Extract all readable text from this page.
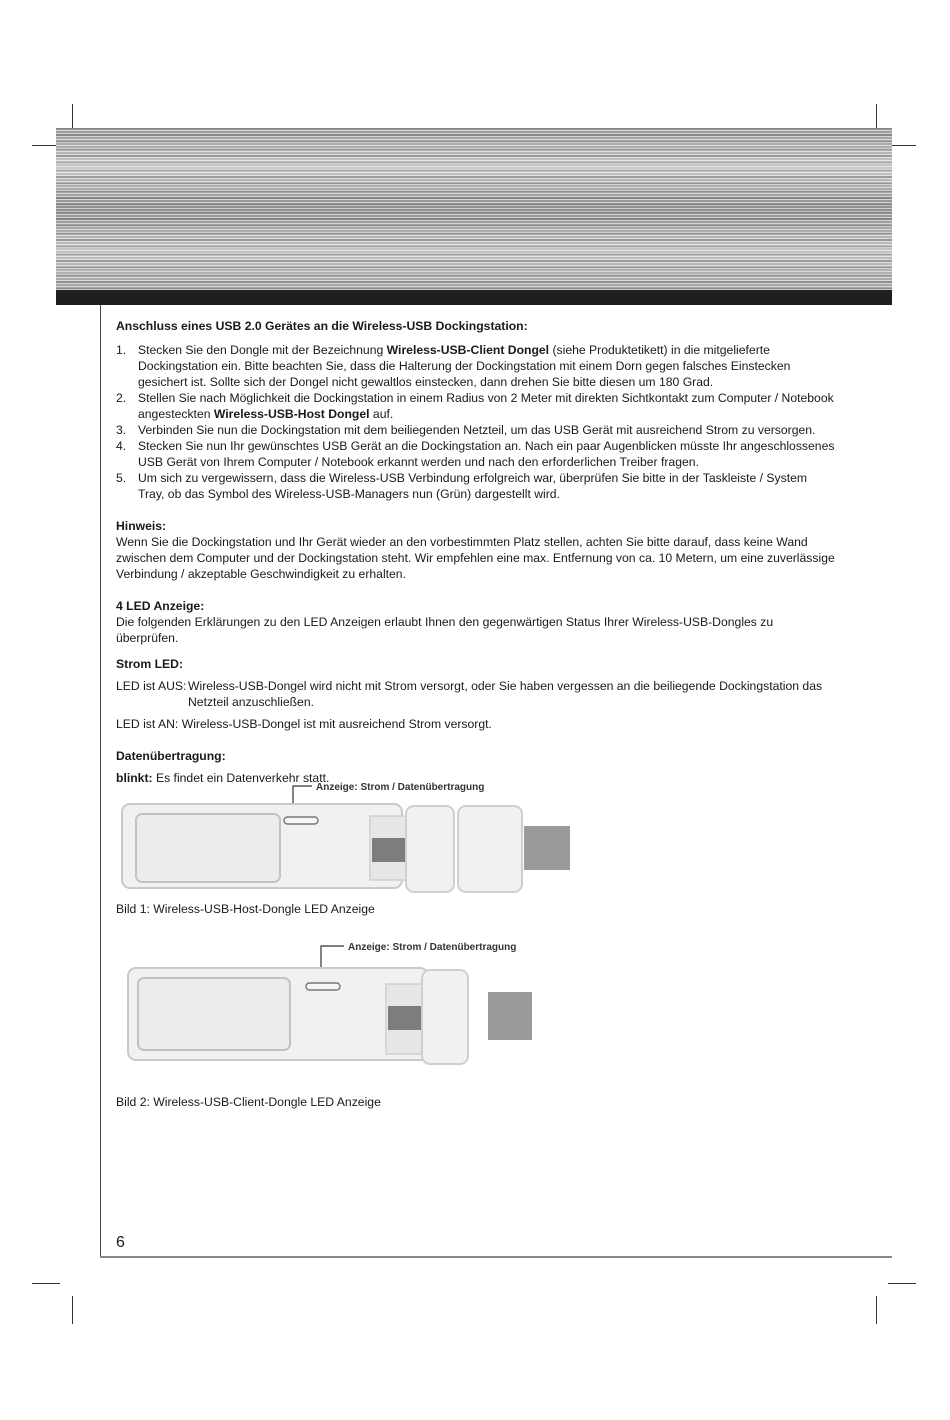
Anschluss eines USB 2.0 Gerätes an die Wireless-USB Dockingstation:

1. Stecken Sie den Dongle mit der Bezeichnung Wireless-USB-Client Dongel (siehe Produktetikett) in die mitgelieferte Dockingstation ein. Bitte beachten Sie, dass die Halterung der Dockingstation mit einem Dorn gegen falsches Einstecken gesichert ist. Sollte sich der Dongel nicht gewaltlos einstecken, dann drehen Sie bitte diesen um 180 Grad.
2. Stellen Sie nach Möglichkeit die Dockingstation in einem Radius von 2 Meter mit direkten Sichtkontakt zum Computer / Notebook angesteckten Wireless-USB-Host Dongel auf.
3. Verbinden Sie nun die Dockingstation mit dem beiliegenden Netzteil, um das USB Gerät mit ausreichend Strom zu versorgen.
4. Stecken Sie nun Ihr gewünschtes USB Gerät an die Dockingstation an. Nach ein paar Augenblicken müsste Ihr angeschlossenes USB Gerät von Ihrem Computer / Notebook erkannt werden und nach den erforderlichen Treiber fragen.
5. Um sich zu vergewissern, dass die Wireless-USB Verbindung erfolgreich war, überprüfen Sie bitte in der Taskleiste / System Tray, ob das Symbol des Wireless-USB-Managers nun (Grün) dargestellt wird.

Hinweis:

Wenn Sie die Dockingstation und Ihr Gerät wieder an den vorbestimmten Platz stellen, achten Sie bitte darauf, dass keine Wand zwischen dem Computer und der Dockingstation steht. Wir empfehlen eine max. Entfernung von ca. 10 Metern, um eine zuverlässige Verbindung / akzeptable Geschwindigkeit zu erhalten.

4 LED Anzeige:

Die folgenden Erklärungen zu den LED Anzeigen erlaubt Ihnen den gegenwärtigen Status Ihrer Wireless-USB-Dongles zu überprüfen.

Strom LED:

LED ist AUS: Wireless-USB-Dongel wird nicht mit Strom versorgt, oder Sie haben vergessen an die beiliegende Dockingstation das Netzteil anzuschließen.

LED ist AN: Wireless-USB-Dongel ist mit ausreichend Strom versorgt.

Datenübertragung:

blinkt: Es findet ein Datenverkehr statt.

Anzeige: Strom / Datenübertragung
Bild 1: Wireless-USB-Host-Dongle LED Anzeige
Anzeige: Strom / Datenübertragung
Bild 2: Wireless-USB-Client-Dongle LED Anzeige
6
